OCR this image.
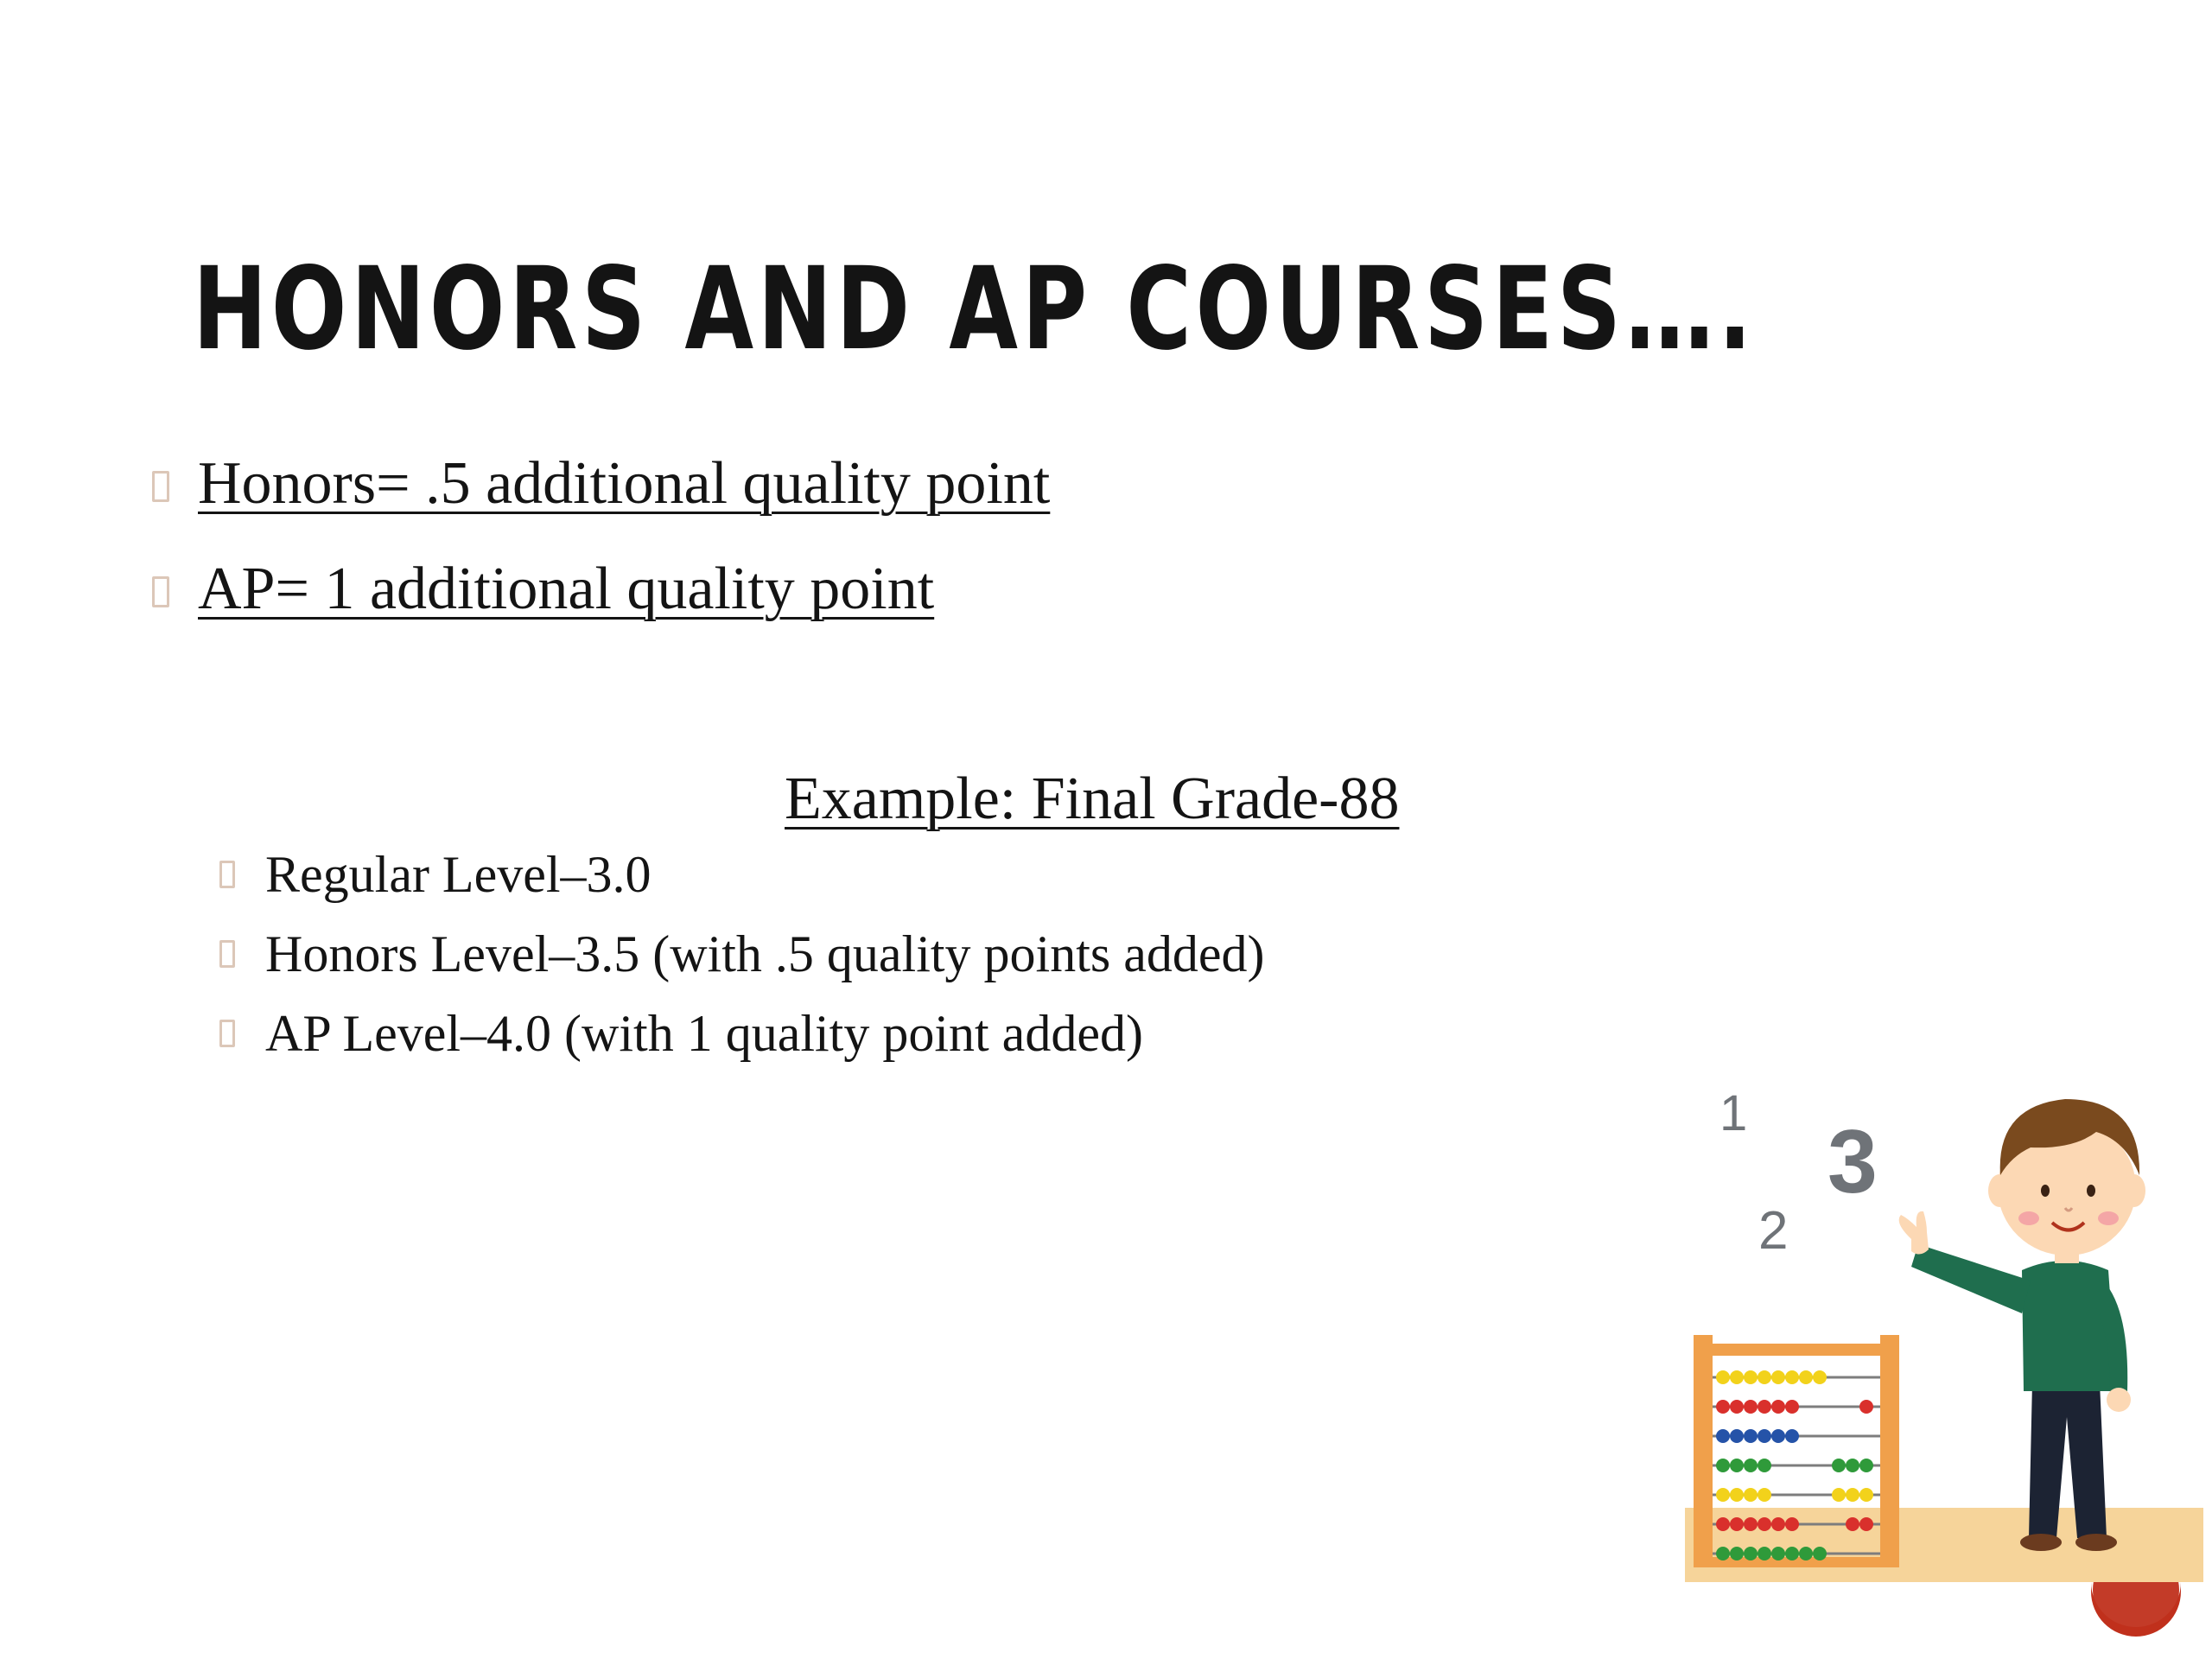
HONORS AND AP COURSES….
Honors= .5 additional quality point
AP= 1 additional quality point
Example: Final Grade-88
Regular Level–3.0
Honors Level–3.5 (with .5 quality points added)
AP Level–4.0 (with 1 quality point added)
1
2
3
